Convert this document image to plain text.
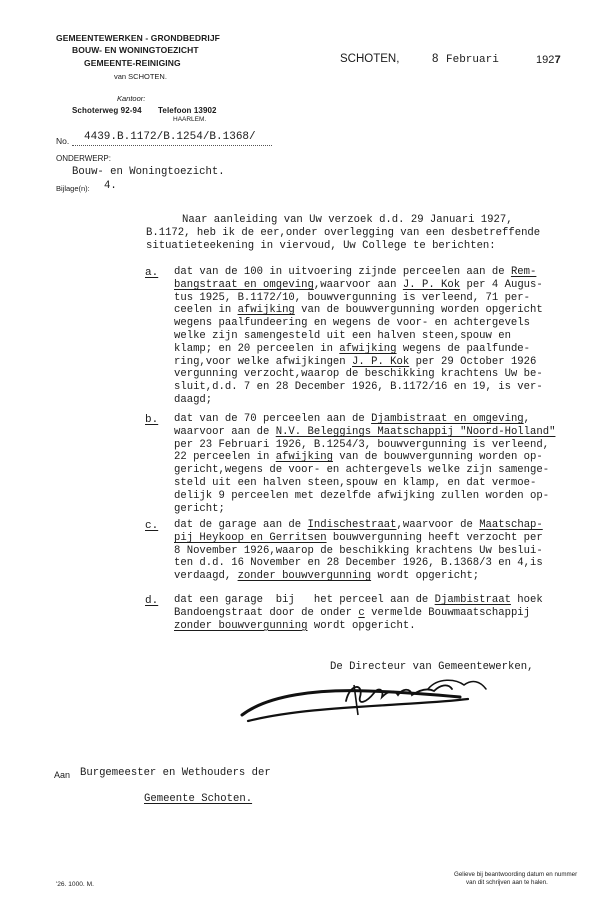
GEMEENTEWERKEN - GRONDBEDRIJF
BOUW- EN WONINGTOEZICHT
GEMEENTE-REINIGING
van SCHOTEN.
Kantoor:
Schoterweg 92-94 Telefoon 13902
HAARLEM.
SCHOTEN,	8 Februari	1927
No. 4439.B.1172/B.1254/B.1368/
ONDERWERP:
Bouw- en Woningtoezicht.
Bijlage(n): 4.
Naar aanleiding van Uw verzoek d.d. 29 Januari 1927,
B.1172, heb ik de eer,onder overlegging van een desbetreffende
situatieteekening in viervoud, Uw College te berichten:
a. dat van de 100 in uitvoering zijnde perceelen aan de Rem-
bangstraat en omgeving,waarvoor aan J. P. Kok per 4 Augus-
tus 1925, B.1172/10, bouwvergunning is verleend, 71 per-
ceelen in afwijking van de bouwvergunning worden opgericht
wegens paalfundeering en wegens de voor- en achtergevels
welke zijn samengesteld uit een halven steen,spouw en
klamp; en 20 perceelen in afwijking wegens de paalfunde-
ring,voor welke afwijkingen J. P. Kok per 29 October 1926
vergunning verzocht,waarop de beschikking krachtens Uw be-
sluit,d.d. 7 en 28 December 1926, B.1172/16 en 19, is ver-
daagd;
b. dat van de 70 perceelen aan de Djambistraat en omgeving,
waarvoor aan de N.V. Beleggings Maatschappij "Noord-Holland"
per 23 Februari 1926, B.1254/3, bouwvergunning is verleend,
22 perceelen in afwijking van de bouwvergunning worden op-
gericht,wegens de voor- en achtergevels welke zijn samenge-
steld uit een halven steen,spouw en klamp, en dat vermoe-
delijk 9 perceelen met dezelfde afwijking zullen worden op-
gericht;
c. dat de garage aan de Indischestraat,waarvoor de Maatschap-
pij Heykoop en Gerritsen bouwvergunning heeft verzocht per
8 November 1926,waarop de beschikking krachtens Uw beslui-
ten d.d. 16 November en 28 December 1926, B.1368/3 en 4,is
verdaagd, zonder bouwvergunning wordt opgericht;
d. dat een garage  bij   het perceel aan de Djambistraat hoek
Bandoengstraat door de onder c vermelde Bouwmaatschappij
zonder bouwvergunning wordt opgericht.
De Directeur van Gemeentewerken,
Aan Burgemeester en Wethouders der
Gemeente Schoten.
'26. 1000. M.
Gelieve bij beantwoording datum en nummer
van dit schrijven aan te halen.
